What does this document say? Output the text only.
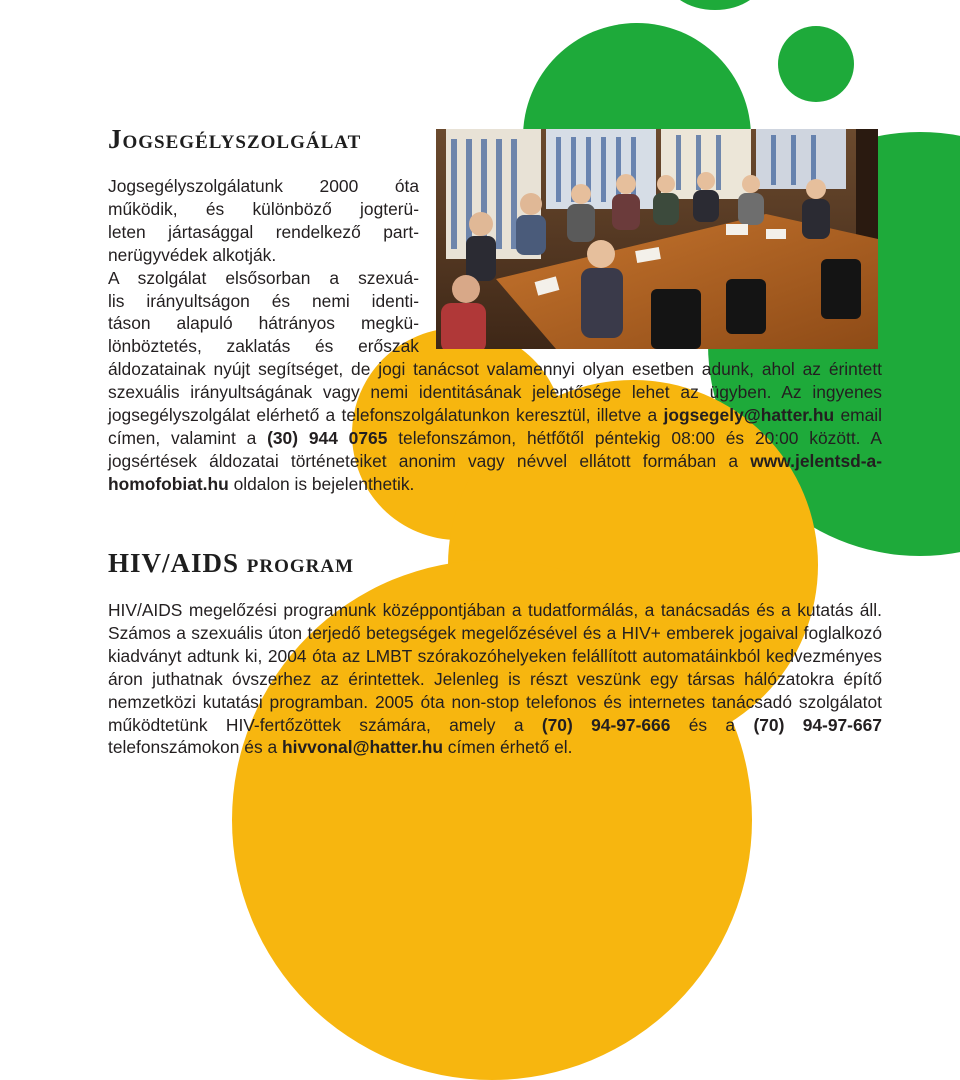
Jogsegélyszolgálat

Jogsegélyszolgálatunk 2000 óta

működik, és különböző jogterü-

leten jártasággal rendelkező part-

nerügyvédek alkotják.

A szolgálat elsősorban a szexuá-

lis irányultságon és nemi identi-

táson alapuló hátrányos megkü-

lönböztetés, zaklatás és erőszak

áldozatainak nyújt segítséget, de jogi tanácsot valamennyi olyan esetben adunk, ahol az érintett szexuális irányultságának vagy nemi identitásának jelentősége lehet az ügyben. Az ingyenes jogsegélyszolgálat elérhető a telefonszolgálatunkon keresztül, illetve a jogsegely@hatter.hu email címen, valamint a (30) 944 0765 telefonszámon, hétfőtől péntekig 08:00 és 20:00 között. A jogsértések áldozatai történeteiket anonim vagy névvel ellátott formában a www.jelentsd-a-homofobiat.hu oldalon is bejelenthetik.

HIV/AIDS program

HIV/AIDS megelőzési programunk középpontjában a tudatformálás, a tanácsadás és a kutatás áll. Számos a szexuális úton terjedő betegségek megelőzésével és a HIV+ emberek jogaival foglalkozó kiadványt adtunk ki, 2004 óta az LMBT szórakozóhelyeken felállított automatáinkból kedvezményes áron juthatnak óvszerhez az érintettek. Jelenleg is részt veszünk egy társas hálózatokra építő nemzetközi kutatási programban. 2005 óta non-stop telefonos és internetes tanácsadó szolgálatot működtetünk HIV-fertőzöttek számára, amely a (70) 94-97-666 és a (70) 94-97-667 telefonszámokon és a hivvonal@hatter.hu címen érhető el.
